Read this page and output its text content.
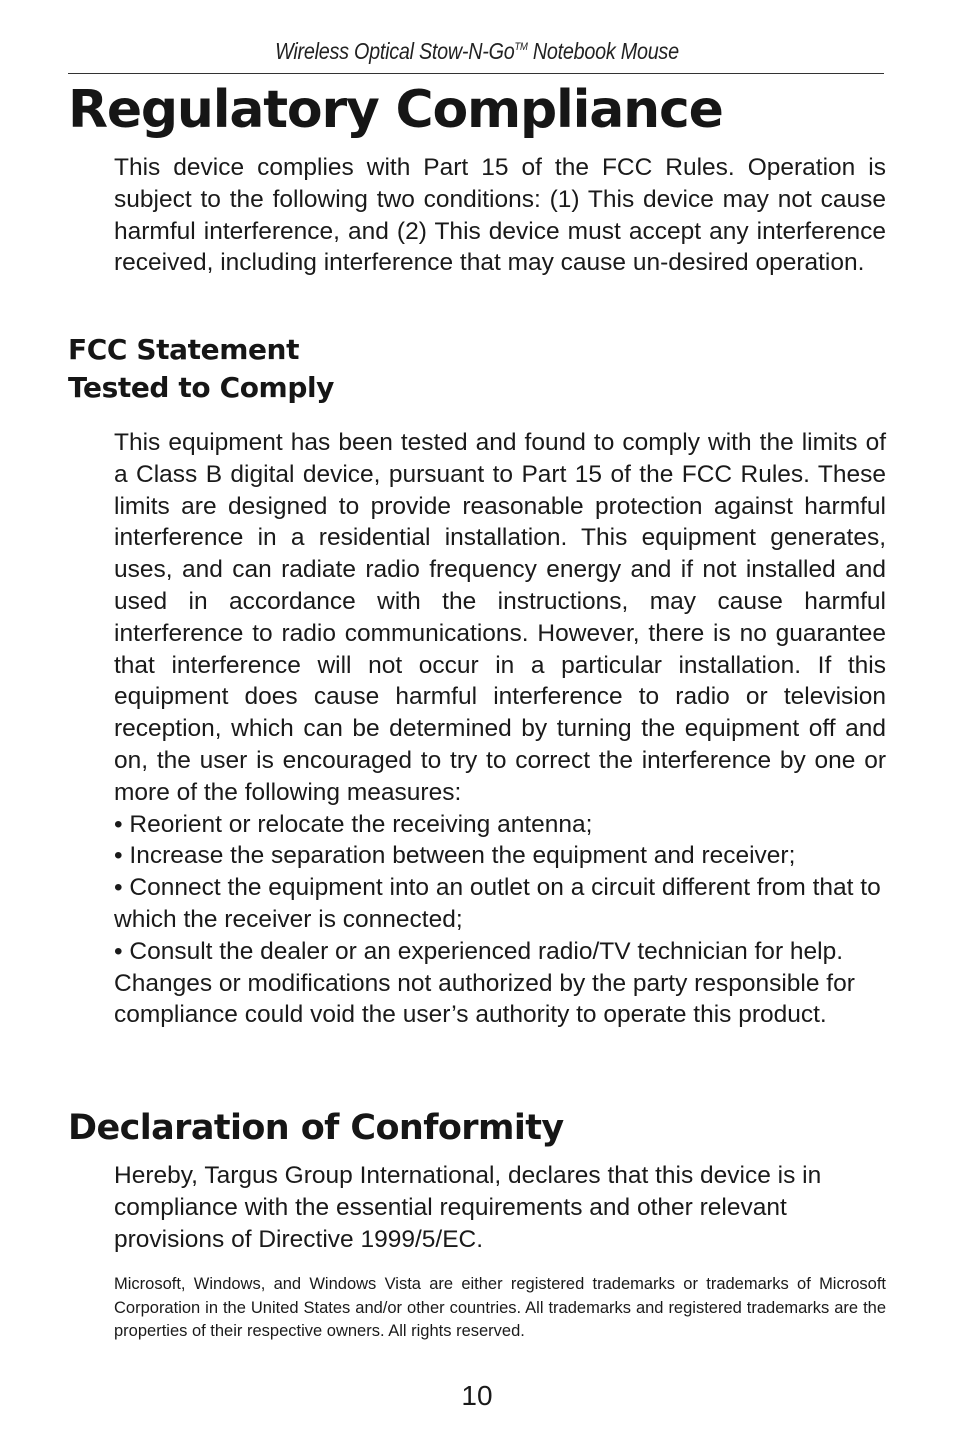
Wireless Optical Stow-N-Go™ Notebook Mouse
Regulatory Compliance

This device complies with Part 15 of the FCC Rules. Operation is subject to the following two conditions: (1) This device may not cause harmful interference, and (2) This device must accept any interference received, including interference that may cause un-desired operation.

FCC Statement
Tested to Comply
This equipment has been tested and found to comply with the limits of a Class B digital device, pursuant to Part 15 of the FCC Rules. These limits are designed to provide reasonable protection against harmful interference in a residential installation. This equipment generates, uses, and can radiate radio frequency energy and if not installed and used in accordance with the instructions, may cause harmful interference to radio communications. However, there is no guarantee that interference will not occur in a particular installation. If this equipment does cause harmful interference to radio or television reception, which can be determined by turning the equipment off and on, the user is encouraged to try to correct the interference by one or more of the following measures:
• Reorient or relocate the receiving antenna;
• Increase the separation between the equipment and receiver;
• Connect the equipment into an outlet on a circuit different from that to which the receiver is connected;
• Consult the dealer or an experienced radio/TV technician for help.
Changes or modifications not authorized by the party responsible for compliance could void the user’s authority to operate this product.
Declaration of Conformity

Hereby, Targus Group International, declares that this device is in compliance with the essential requirements and other relevant provisions of Directive 1999/5/EC.

Microsoft, Windows, and Windows Vista are either registered trademarks or trademarks of Microsoft Corporation in the United States and/or other countries. All trademarks and registered trademarks are the properties of their respective owners. All rights reserved.

10
